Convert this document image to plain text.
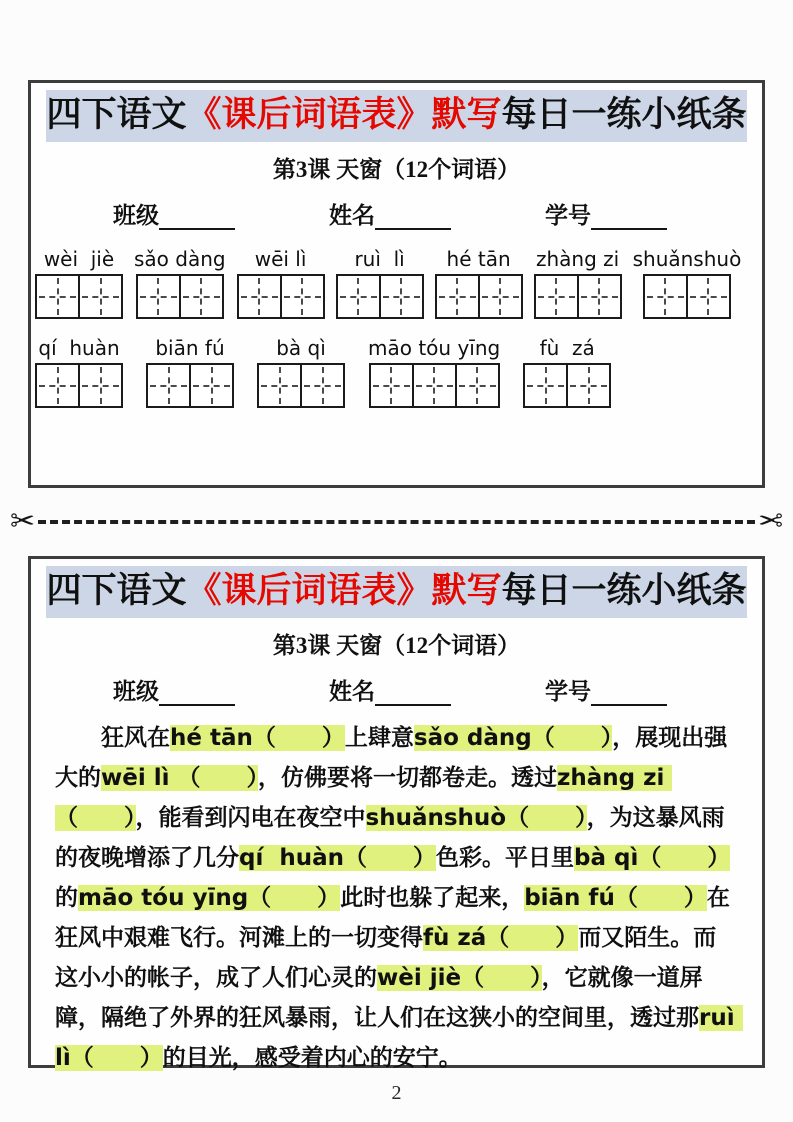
四下语文《课后词语表》默写每日一练小纸条
第3课 天窗（12个词语）
班级	姓名	学号
wèi  jiè sǎo dàng wēi lì ruì  lì hé tān zhàng zi shuǎnshuò
qí  huàn biān fú	bà qì māo tóu yīng fù  zá
✂	✂
四下语文《课后词语表》默写每日一练小纸条
第3课 天窗（12个词语）
班级	姓名	学号

狂风在hé tān（　　）上肆意sǎo dàng（　　），展现出强大的wēi lì （　　），仿佛要将一切都卷走。透过zhàng zi （　　），能看到闪电在夜空中shuǎnshuò（　　），为这暴风雨的夜晚增添了几分qí  huàn（　　）色彩。平日里bà qì（　　）的māo tóu yīng（　　）此时也躲了起来，biān fú（　　）在狂风中艰难飞行。河滩上的一切变得fù zá（　　）而又陌生。而这小小的帐子，成了人们心灵的wèi jiè（　　），它就像一道屏障，隔绝了外界的狂风暴雨，让人们在这狭小的空间里，透过那ruì lì（　　）的目光，感受着内心的安宁。

2
